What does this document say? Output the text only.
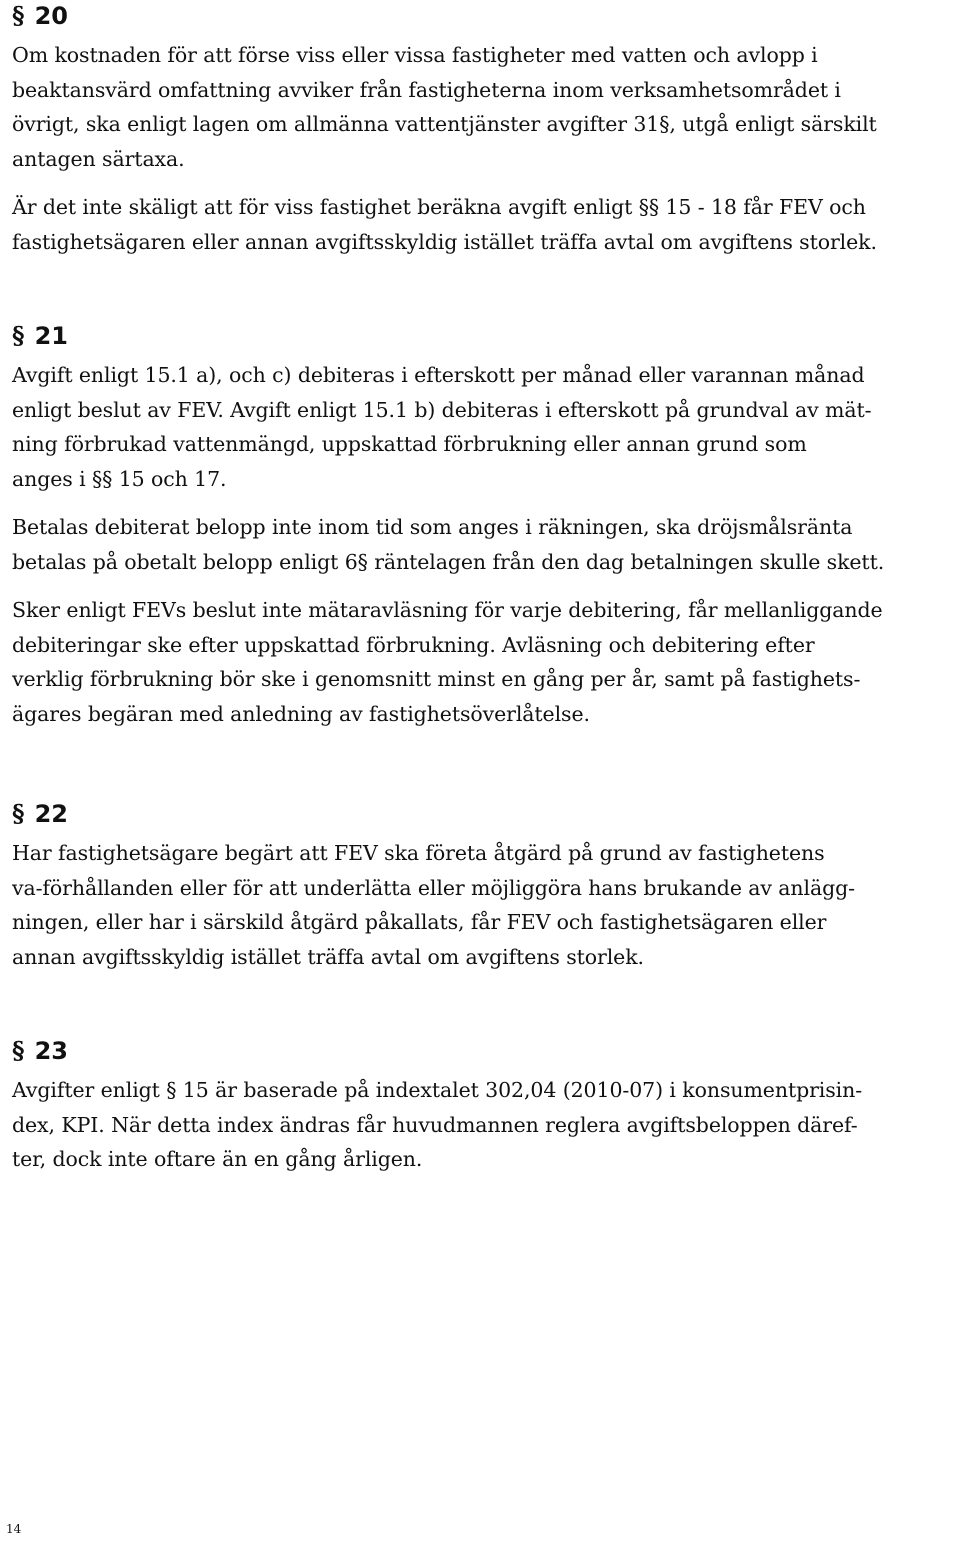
§ 20

Om kostnaden för att förse viss eller vissa fastigheter med vatten och avlopp i
beaktansvärd omfattning avviker från fastigheterna inom verksamhetsområdet i
övrigt, ska enligt lagen om allmänna vattentjänster avgifter 31§, utgå enligt särskilt
antagen särtaxa.

Är det inte skäligt att för viss fastighet beräkna avgift enligt §§ 15 - 18 får FEV och
fastighetsägaren eller annan avgiftsskyldig istället träffa avtal om avgiftens storlek.

§ 21

Avgift enligt 15.1 a), och c) debiteras i efterskott per månad eller varannan månad
enligt beslut av FEV. Avgift enligt 15.1 b) debiteras i efterskott på grundval av mät-
ning förbrukad vattenmängd, uppskattad förbrukning eller annan grund som
anges i §§ 15 och 17.

Betalas debiterat belopp inte inom tid som anges i räkningen, ska dröjsmålsränta
betalas på obetalt belopp enligt 6§ räntelagen från den dag betalningen skulle skett.

Sker enligt FEVs beslut inte mätaravläsning för varje debitering, får mellanliggande
debiteringar ske efter uppskattad förbrukning. Avläsning och debitering efter
verklig förbrukning bör ske i genomsnitt minst en gång per år, samt på fastighets-
ägares begäran med anledning av fastighetsöverlåtelse.

§ 22

Har fastighetsägare begärt att FEV ska företa åtgärd på grund av fastighetens
va-förhållanden eller för att underlätta eller möjliggöra hans brukande av anlägg-
ningen, eller har i särskild åtgärd påkallats, får FEV och fastighetsägaren eller
annan avgiftsskyldig istället träffa avtal om avgiftens storlek.

§ 23

Avgifter enligt § 15 är baserade på indextalet 302,04 (2010-07) i konsumentprisin-
dex, KPI. När detta index ändras får huvudmannen reglera avgiftsbeloppen däref-
ter, dock inte oftare än en gång årligen.

14
